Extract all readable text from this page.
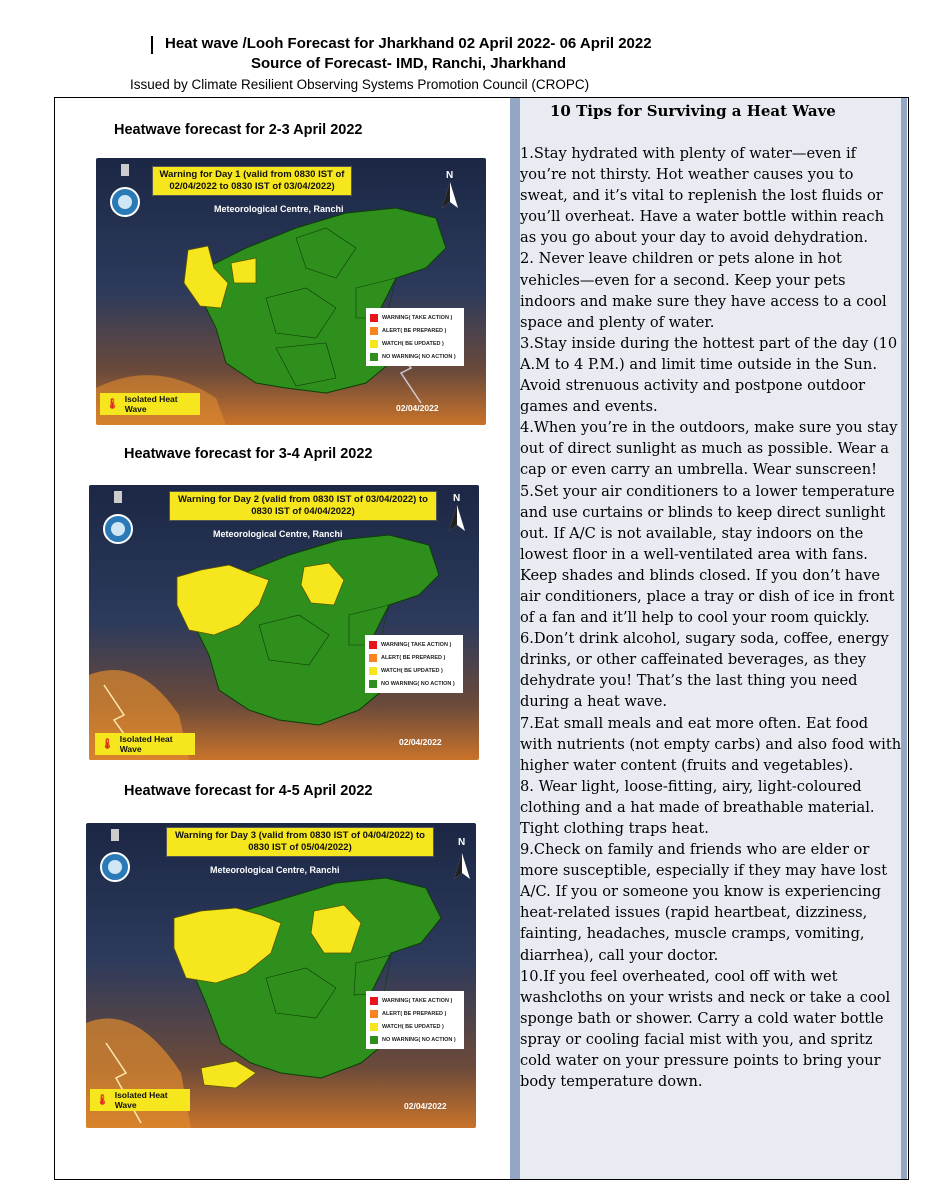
Heat wave /Looh Forecast for Jharkhand 02 April 2022- 06 April 2022
Source of Forecast- IMD, Ranchi, Jharkhand
Issued by Climate Resilient Observing Systems Promotion Council (CROPC)
10 Tips for Surviving a Heat Wave

1.Stay hydrated with plenty of water—even if you’re not thirsty. Hot weather causes you to sweat, and it’s vital to replenish the lost fluids or you’ll overheat. Have a water bottle within reach as you go about your day to avoid dehydration.

2. Never leave children or pets alone in hot vehicles—even for a second. Keep your pets indoors and make sure they have access to a cool space and plenty of water.

3.Stay inside during the hottest part of the day (10 A.M to 4 P.M.) and limit time outside in the Sun. Avoid strenuous activity and postpone outdoor games and events.

4.When you’re in the outdoors, make sure you stay out of direct sunlight as much as possible. Wear a cap or even carry an umbrella. Wear sunscreen!

5.Set your air conditioners to a lower temperature and use curtains or blinds to keep direct sunlight out. If A/C is not available, stay indoors on the lowest floor in a well-ventilated area with fans. Keep shades and blinds closed. If you don’t have air conditioners, place a tray or dish of ice in front of a fan and it’ll help to cool your room quickly.

6.Don’t drink alcohol, sugary soda, coffee, energy drinks, or other caffeinated beverages, as they dehydrate you! That’s the last thing you need during a heat wave.

7.Eat small meals and eat more often. Eat food with nutrients (not empty carbs) and also food with higher water content (fruits and vegetables).

8. Wear light, loose-fitting, airy, light-coloured clothing and a hat made of breathable material. Tight clothing traps heat.

9.Check on family and friends who are elder or more susceptible, especially if they may have lost A/C. If you or someone you know is experiencing heat-related issues (rapid heartbeat, dizziness, fainting, headaches, muscle cramps, vomiting, diarrhea), call your doctor.

10.If you feel overheated, cool off with wet washcloths on your wrists and neck or take a cool sponge bath or shower. Carry a cold water bottle spray or cooling facial mist with you, and spritz cold water on your pressure points to bring your body temperature down.

Heatwave forecast for 2-3 April 2022
Heatwave forecast for 3-4 April 2022
Heatwave forecast for 4-5 April 2022
Warning for Day 1 (valid from 0830 IST of 02/04/2022 to 0830 IST of 03/04/2022)
Meteorological Centre, Ranchi
N
WARNING( TAKE ACTION )
ALERT( BE PREPARED )
WATCH( BE UPDATED )
NO WARNING( NO ACTION )
🌡 Isolated Heat Wave	02/04/2022
Warning for Day 2 (valid from 0830 IST of 03/04/2022) to 0830 IST of 04/04/2022)
Meteorological Centre, Ranchi
N
WARNING( TAKE ACTION )
ALERT( BE PREPARED )
WATCH( BE UPDATED )
NO WARNING( NO ACTION )
🌡 Isolated Heat Wave
02/04/2022
Warning for Day 3 (valid from 0830 IST of 04/04/2022) to 0830 IST of 05/04/2022)
Meteorological Centre, Ranchi
N
WARNING( TAKE ACTION )
ALERT( BE PREPARED )
WATCH( BE UPDATED )
NO WARNING( NO ACTION )
🌡 Isolated Heat Wave	02/04/2022
